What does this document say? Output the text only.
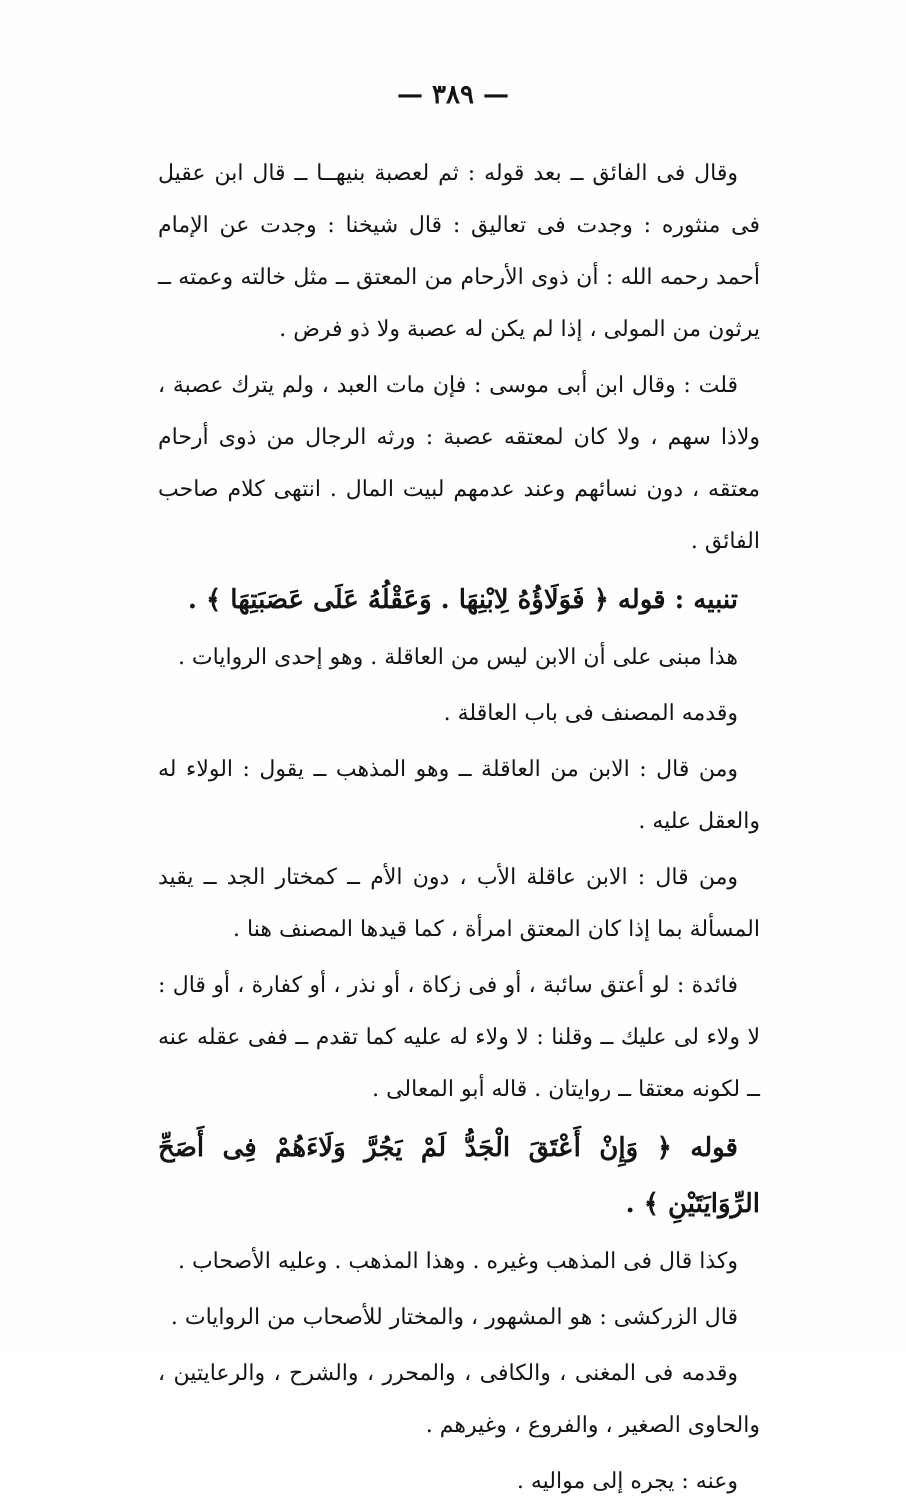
— ٣٨٩ —

وقال فى الفائق ــ بعد قوله : ثم لعصبة بنيهــا ــ قال ابن عقيل فى منثوره : وجدت فى تعاليق : قال شيخنا : وجدت عن الإمام أحمد رحمه الله : أن ذوى الأرحام من المعتق ــ مثل خالته وعمته ــ يرثون من المولى ، إذا لم يكن له عصبة ولا ذو فرض .

قلت : وقال ابن أبى موسى : فإن مات العبد ، ولم يترك عصبة ، ولاذا سهم ، ولا كان لمعتقه عصبة : ورثه الرجال من ذوى أرحام معتقه ، دون نسائهم وعند عدمهم لبيت المال . انتهى كلام صاحب الفائق .

تنبيه : قوله ﴿ فَوَلَاؤُهُ لِابْنِهَا . وَعَقْلُهُ عَلَى عَصَبَتِهَا ﴾ .

هذا مبنى على أن الابن ليس من العاقلة . وهو إحدى الروايات .

وقدمه المصنف فى باب العاقلة .

ومن قال : الابن من العاقلة ــ وهو المذهب ــ يقول : الولاء له والعقل عليه .

ومن قال : الابن عاقلة الأب ، دون الأم ــ كمختار الجد ــ يقيد المسألة بما إذا كان المعتق امرأة ، كما قيدها المصنف هنا .

فائدة : لو أعتق سائبة ، أو فى زكاة ، أو نذر ، أو كفارة ، أو قال : لا ولاء لى عليك ــ وقلنا : لا ولاء له عليه كما تقدم ــ ففى عقله عنه ــ لكونه معتقا ــ روايتان . قاله أبو المعالى .

قوله ﴿ وَإِنْ أَعْتَقَ الْجَدُّ لَمْ يَجُرَّ وَلَاءَهُمْ فِى أَصَحِّ الرِّوَايَتَيْنِ ﴾ .

وكذا قال فى المذهب وغيره . وهذا المذهب . وعليه الأصحاب .

قال الزركشى : هو المشهور ، والمختار للأصحاب من الروايات .

وقدمه فى المغنى ، والكافى ، والمحرر ، والشرح ، والرعايتين ، والحاوى الصغير ، والفروع ، وغيرهم .

وعنه : يجره إلى مواليه .
